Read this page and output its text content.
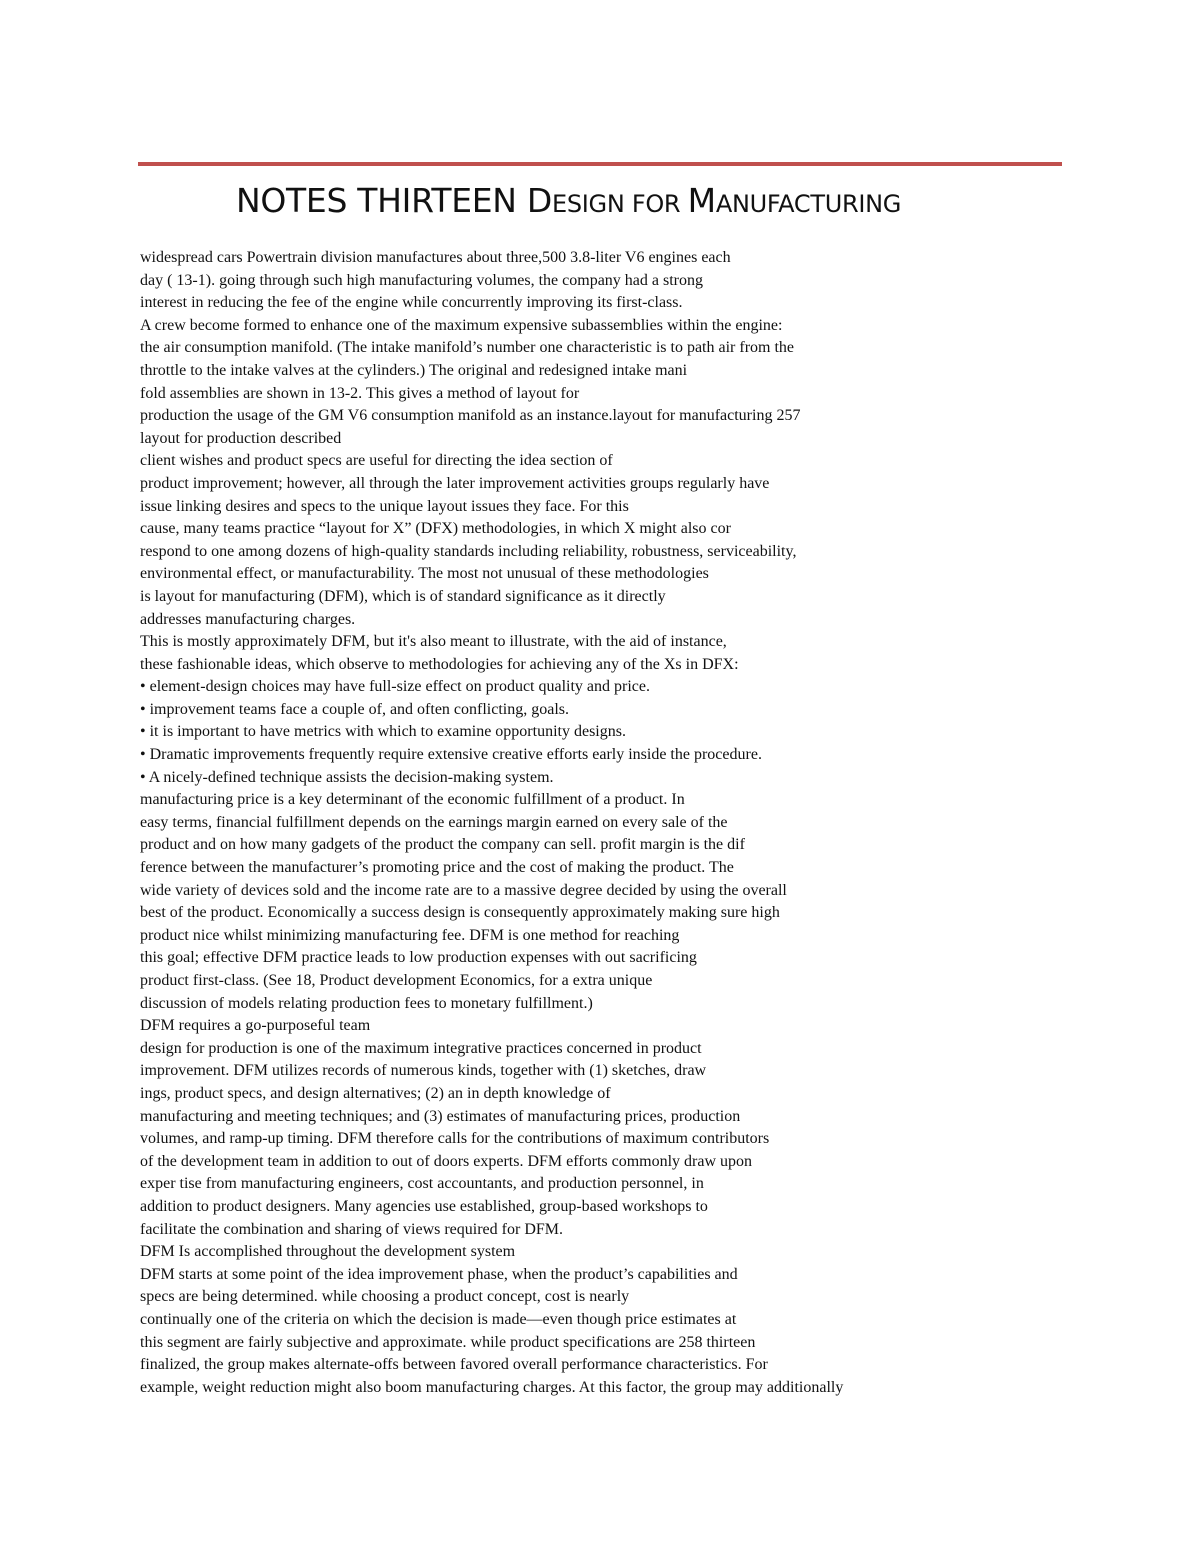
NOTES THIRTEEN DESIGN FOR MANUFACTURING
widespread cars Powertrain division manufactures about three,500 3.8-liter V6 engines each
day ( 13-1). going through such high manufacturing volumes, the company had a strong
interest in reducing the fee of the engine while concurrently improving its first-class.
A crew become formed to enhance one of the maximum expensive subassemblies within the engine:
the air consumption manifold. (The intake manifold’s number one characteristic is to path air from the
throttle to the intake valves at the cylinders.) The original and redesigned intake mani
fold assemblies are shown in 13-2. This gives a method of layout for
production the usage of the GM V6 consumption manifold as an instance.layout for manufacturing 257
layout for production described
client wishes and product specs are useful for directing the idea section of
product improvement; however, all through the later improvement activities groups regularly have
issue linking desires and specs to the unique layout issues they face. For this
cause, many teams practice “layout for X” (DFX) methodologies, in which X might also cor
respond to one among dozens of high-quality standards including reliability, robustness, serviceability,
environmental effect, or manufacturability. The most not unusual of these methodologies
is layout for manufacturing (DFM), which is of standard significance as it directly
addresses manufacturing charges.
This is mostly approximately DFM, but it's also meant to illustrate, with the aid of instance,
these fashionable ideas, which observe to methodologies for achieving any of the Xs in DFX:
• element-design choices may have full-size effect on product quality and price.
• improvement teams face a couple of, and often conflicting, goals.
• it is important to have metrics with which to examine opportunity designs.
• Dramatic improvements frequently require extensive creative efforts early inside the procedure.
• A nicely-defined technique assists the decision-making system.
manufacturing price is a key determinant of the economic fulfillment of a product. In
easy terms, financial fulfillment depends on the earnings margin earned on every sale of the
product and on how many gadgets of the product the company can sell. profit margin is the dif
ference between the manufacturer’s promoting price and the cost of making the product. The
wide variety of devices sold and the income rate are to a massive degree decided by using the overall
best of the product. Economically a success design is consequently approximately making sure high
product nice whilst minimizing manufacturing fee. DFM is one method for reaching
this goal; effective DFM practice leads to low production expenses with out sacrificing
product first-class. (See 18, Product development Economics, for a extra unique
discussion of models relating production fees to monetary fulfillment.)
DFM requires a go-purposeful team
design for production is one of the maximum integrative practices concerned in product
improvement. DFM utilizes records of numerous kinds, together with (1) sketches, draw
ings, product specs, and design alternatives; (2) an in depth knowledge of
manufacturing and meeting techniques; and (3) estimates of manufacturing prices, production
volumes, and ramp-up timing. DFM therefore calls for the contributions of maximum contributors
of the development team in addition to out of doors experts. DFM efforts commonly draw upon
exper tise from manufacturing engineers, cost accountants, and production personnel, in
addition to product designers. Many agencies use established, group-based workshops to
facilitate the combination and sharing of views required for DFM.
DFM Is accomplished throughout the development system
DFM starts at some point of the idea improvement phase, when the product’s capabilities and
specs are being determined. while choosing a product concept, cost is nearly
continually one of the criteria on which the decision is made—even though price estimates at
this segment are fairly subjective and approximate. while product specifications are 258 thirteen
finalized, the group makes alternate-offs between favored overall performance characteristics. For
example, weight reduction might also boom manufacturing charges. At this factor, the group may additionally
